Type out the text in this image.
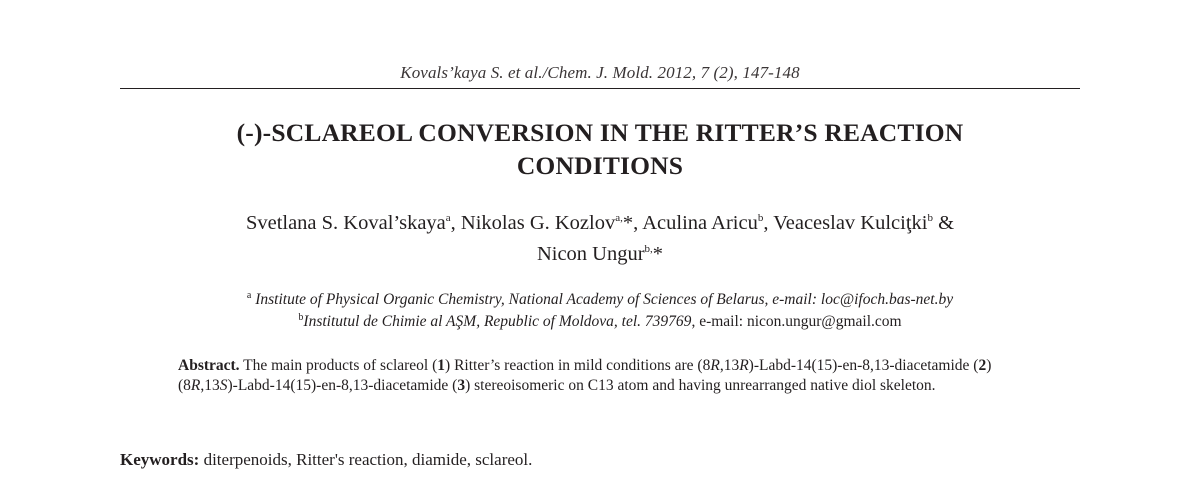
Kovals’kaya S. et al./Chem. J. Mold. 2012, 7 (2), 147-148
(-)-SCLAREOL CONVERSION IN THE RITTER’S REACTION
CONDITIONS
Svetlana S. Koval’skaya$^a$, Nikolas G. Kozlov$^{a,}$*, Aculina Aricu$^b$, Veaceslav Kulciţki$^b$ &
Nicon Ungur$^{b,}$*
$^a$ Institute of Physical Organic Chemistry, National Academy of Sciences of Belarus, e-mail: loc@ifoch.bas-net.by
$^b$Institutul de Chimie al AŞM, Republic of Moldova, tel. 739769, e-mail: nicon.ungur@gmail.com
Abstract. The main products of sclareol (1) Ritter’s reaction in mild conditions are (8R,13R)-Labd-14(15)-en-8,13-diacetamide (2) (8R,13S)-Labd-14(15)-en-8,13-diacetamide (3) stereoisomeric on C13 atom and having unrearranged native diol skeleton.
Keywords: diterpenoids, Ritter's reaction, diamide, sclareol.
